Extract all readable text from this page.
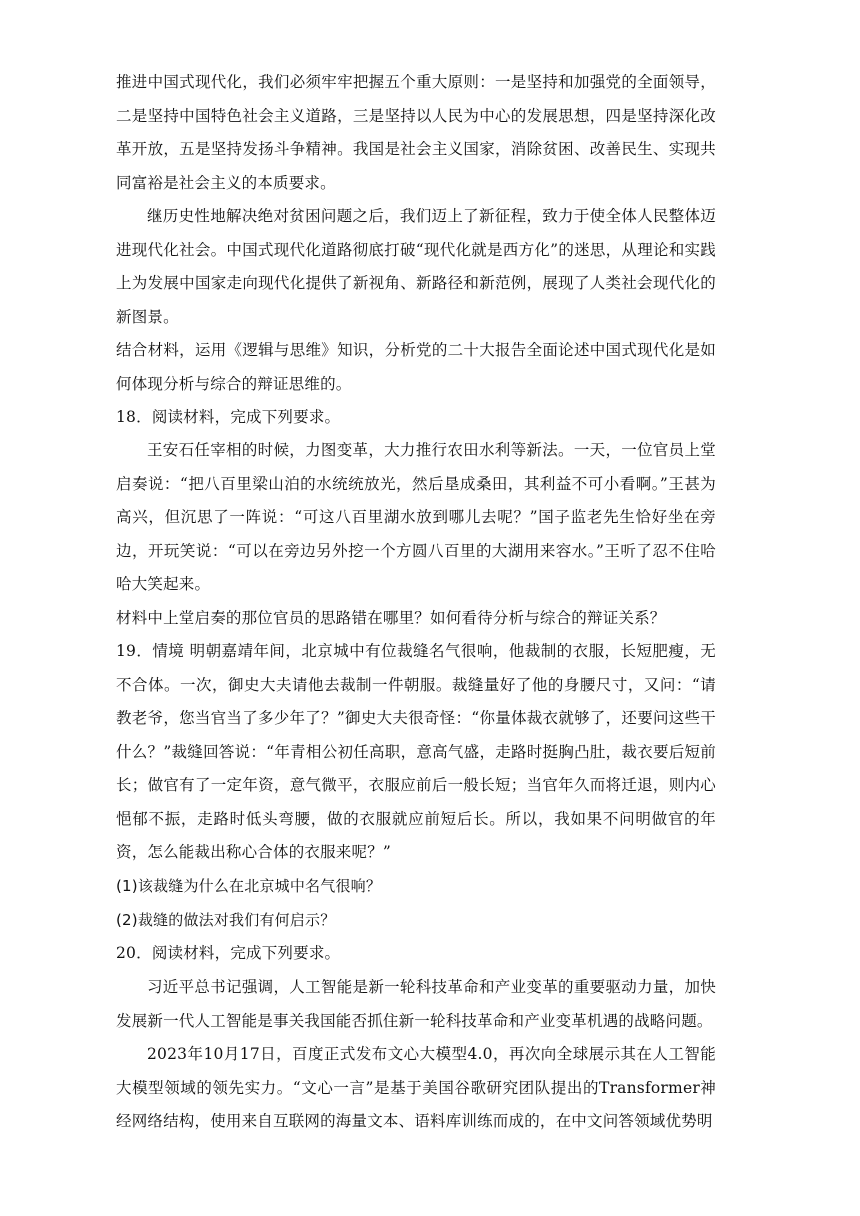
推进中国式现代化，我们必须牢牢把握五个重大原则：一是坚持和加强党的全面领导，二是坚持中国特色社会主义道路，三是坚持以人民为中心的发展思想，四是坚持深化改革开放，五是坚持发扬斗争精神。我国是社会主义国家，消除贫困、改善民生、实现共同富裕是社会主义的本质要求。
继历史性地解决绝对贫困问题之后，我们迈上了新征程，致力于使全体人民整体迈进现代化社会。中国式现代化道路彻底打破“现代化就是西方化”的迷思，从理论和实践上为发展中国家走向现代化提供了新视角、新路径和新范例，展现了人类社会现代化的新图景。
结合材料，运用《逻辑与思维》知识，分析党的二十大报告全面论述中国式现代化是如何体现分析与综合的辩证思维的。
18．阅读材料，完成下列要求。
王安石任宰相的时候，力图变革，大力推行农田水利等新法。一天，一位官员上堂启奏说：“把八百里梁山泊的水统统放光，然后垦成桑田，其利益不可小看啊。”王甚为高兴，但沉思了一阵说：“可这八百里湖水放到哪儿去呢？”国子监老先生恰好坐在旁边，开玩笑说：“可以在旁边另外挖一个方圆八百里的大湖用来容水。”王听了忍不住哈哈大笑起来。
材料中上堂启奏的那位官员的思路错在哪里？如何看待分析与综合的辩证关系？
19．情境 明朝嘉靖年间，北京城中有位裁缝名气很响，他裁制的衣服，长短肥瘦，无不合体。一次，御史大夫请他去裁制一件朝服。裁缝量好了他的身腰尺寸，又问：“请教老爷，您当官当了多少年了？”御史大夫很奇怪：“你量体裁衣就够了，还要问这些干什么？”裁缝回答说：“年青相公初任高职，意高气盛，走路时挺胸凸肚，裁衣要后短前长；做官有了一定年资，意气微平，衣服应前后一般长短；当官年久而将迁退，则内心悒郁不振，走路时低头弯腰，做的衣服就应前短后长。所以，我如果不问明做官的年资，怎么能裁出称心合体的衣服来呢？”
(1)该裁缝为什么在北京城中名气很响？
(2)裁缝的做法对我们有何启示？
20．阅读材料，完成下列要求。
习近平总书记强调，人工智能是新一轮科技革命和产业变革的重要驱动力量，加快发展新一代人工智能是事关我国能否抓住新一轮科技革命和产业变革机遇的战略问题。
2023年10月17日，百度正式发布文心大模型4.0，再次向全球展示其在人工智能大模型领域的领先实力。“文心一言”是基于美国谷歌研究团队提出的Transformer神经网络结构，使用来自互联网的海量文本、语料库训练而成的，在中文问答领域优势明
